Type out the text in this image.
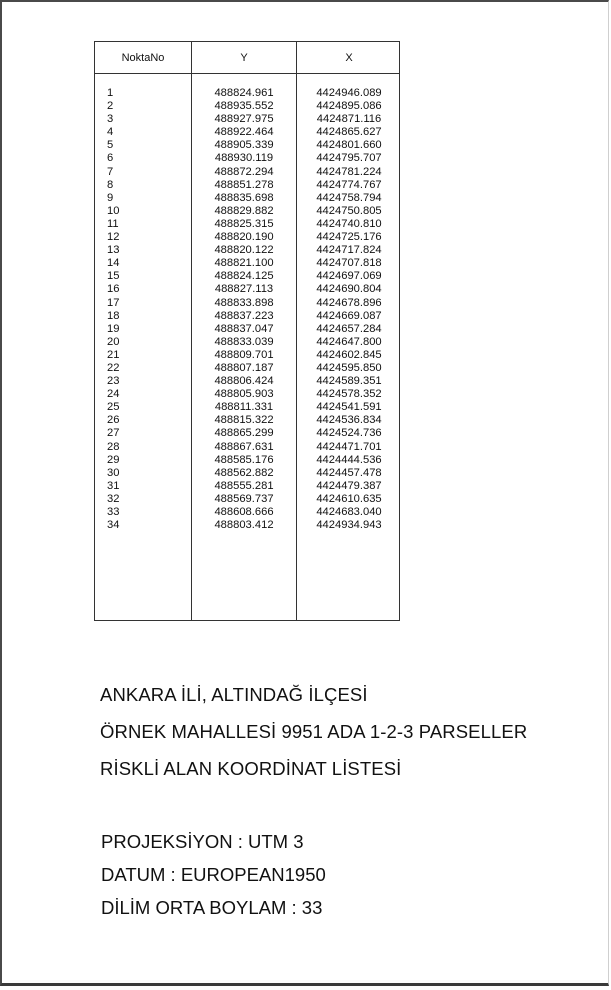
NoktaNo	Y	X
1	488824.961	4424946.089
2	488935.552	4424895.086
3	488927.975	4424871.116
4	488922.464	4424865.627
5	488905.339	4424801.660
6	488930.119	4424795.707
7	488872.294	4424781.224
8	488851.278	4424774.767
9	488835.698	4424758.794
10	488829.882	4424750.805
11	488825.315	4424740.810
12	488820.190	4424725.176
13	488820.122	4424717.824
14	488821.100	4424707.818
15	488824.125	4424697.069
16	488827.113	4424690.804
17	488833.898	4424678.896
18	488837.223	4424669.087
19	488837.047	4424657.284
20	488833.039	4424647.800
21	488809.701	4424602.845
22	488807.187	4424595.850
23	488806.424	4424589.351
24	488805.903	4424578.352
25	488811.331	4424541.591
26	488815.322	4424536.834
27	488865.299	4424524.736
28	488867.631	4424471.701
29	488585.176	4424444.536
30	488562.882	4424457.478
31	488555.281	4424479.387
32	488569.737	4424610.635
33	488608.666	4424683.040
34	488803.412	4424934.943
ANKARA İLİ, ALTINDAĞ İLÇESİ
ÖRNEK MAHALLESİ 9951 ADA 1-2-3 PARSELLER
RİSKLİ ALAN KOORDİNAT LİSTESİ
PROJEKSİYON : UTM 3
DATUM : EUROPEAN1950
DİLİM ORTA BOYLAM : 33
